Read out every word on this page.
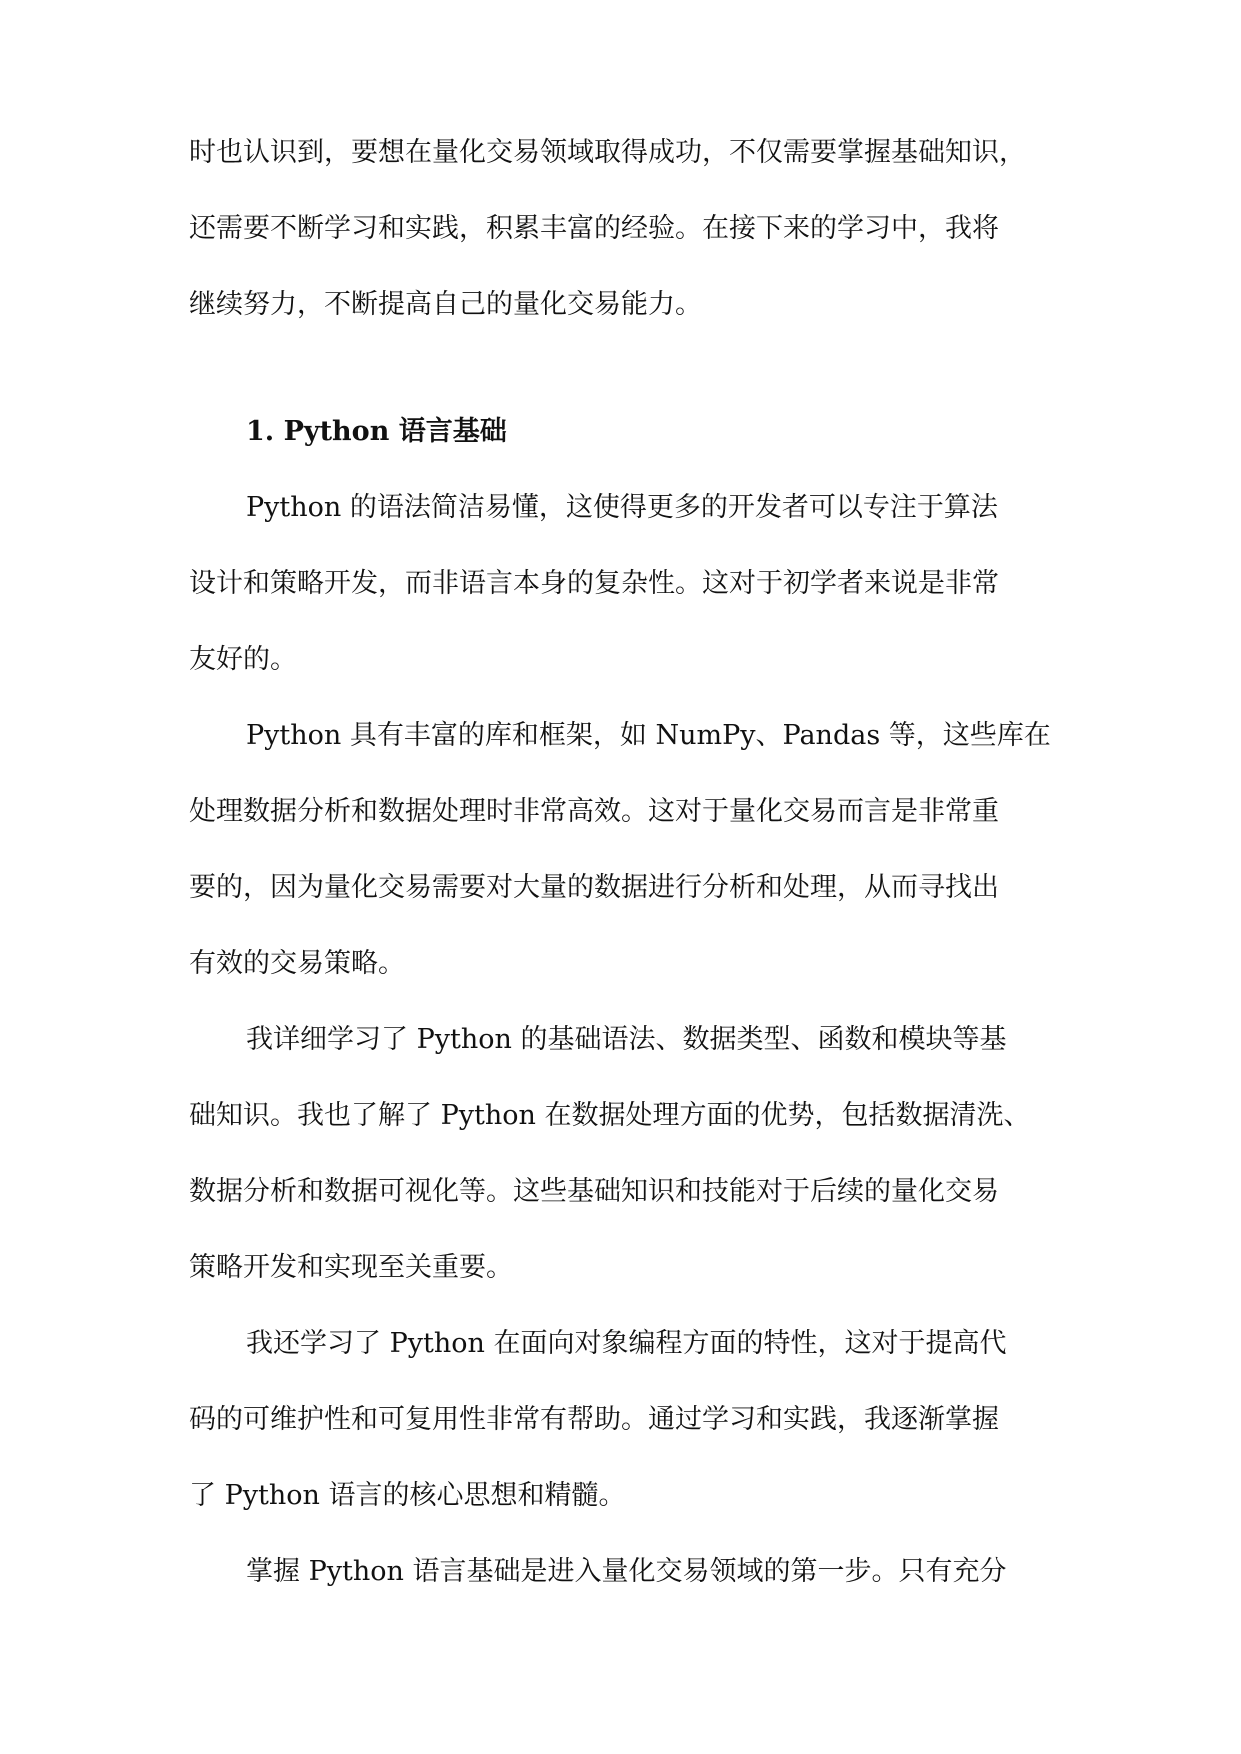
时也认识到，要想在量化交易领域取得成功，不仅需要掌握基础知识，
还需要不断学习和实践，积累丰富的经验。在接下来的学习中，我将
继续努力，不断提高自己的量化交易能力。
1. Python 语言基础
Python 的语法简洁易懂，这使得更多的开发者可以专注于算法
设计和策略开发，而非语言本身的复杂性。这对于初学者来说是非常
友好的。
Python 具有丰富的库和框架，如 NumPy、Pandas 等，这些库在
处理数据分析和数据处理时非常高效。这对于量化交易而言是非常重
要的，因为量化交易需要对大量的数据进行分析和处理，从而寻找出
有效的交易策略。
我详细学习了 Python 的基础语法、数据类型、函数和模块等基
础知识。我也了解了 Python 在数据处理方面的优势，包括数据清洗、
数据分析和数据可视化等。这些基础知识和技能对于后续的量化交易
策略开发和实现至关重要。
我还学习了 Python 在面向对象编程方面的特性，这对于提高代
码的可维护性和可复用性非常有帮助。通过学习和实践，我逐渐掌握
了 Python 语言的核心思想和精髓。
掌握 Python 语言基础是进入量化交易领域的第一步。只有充分
